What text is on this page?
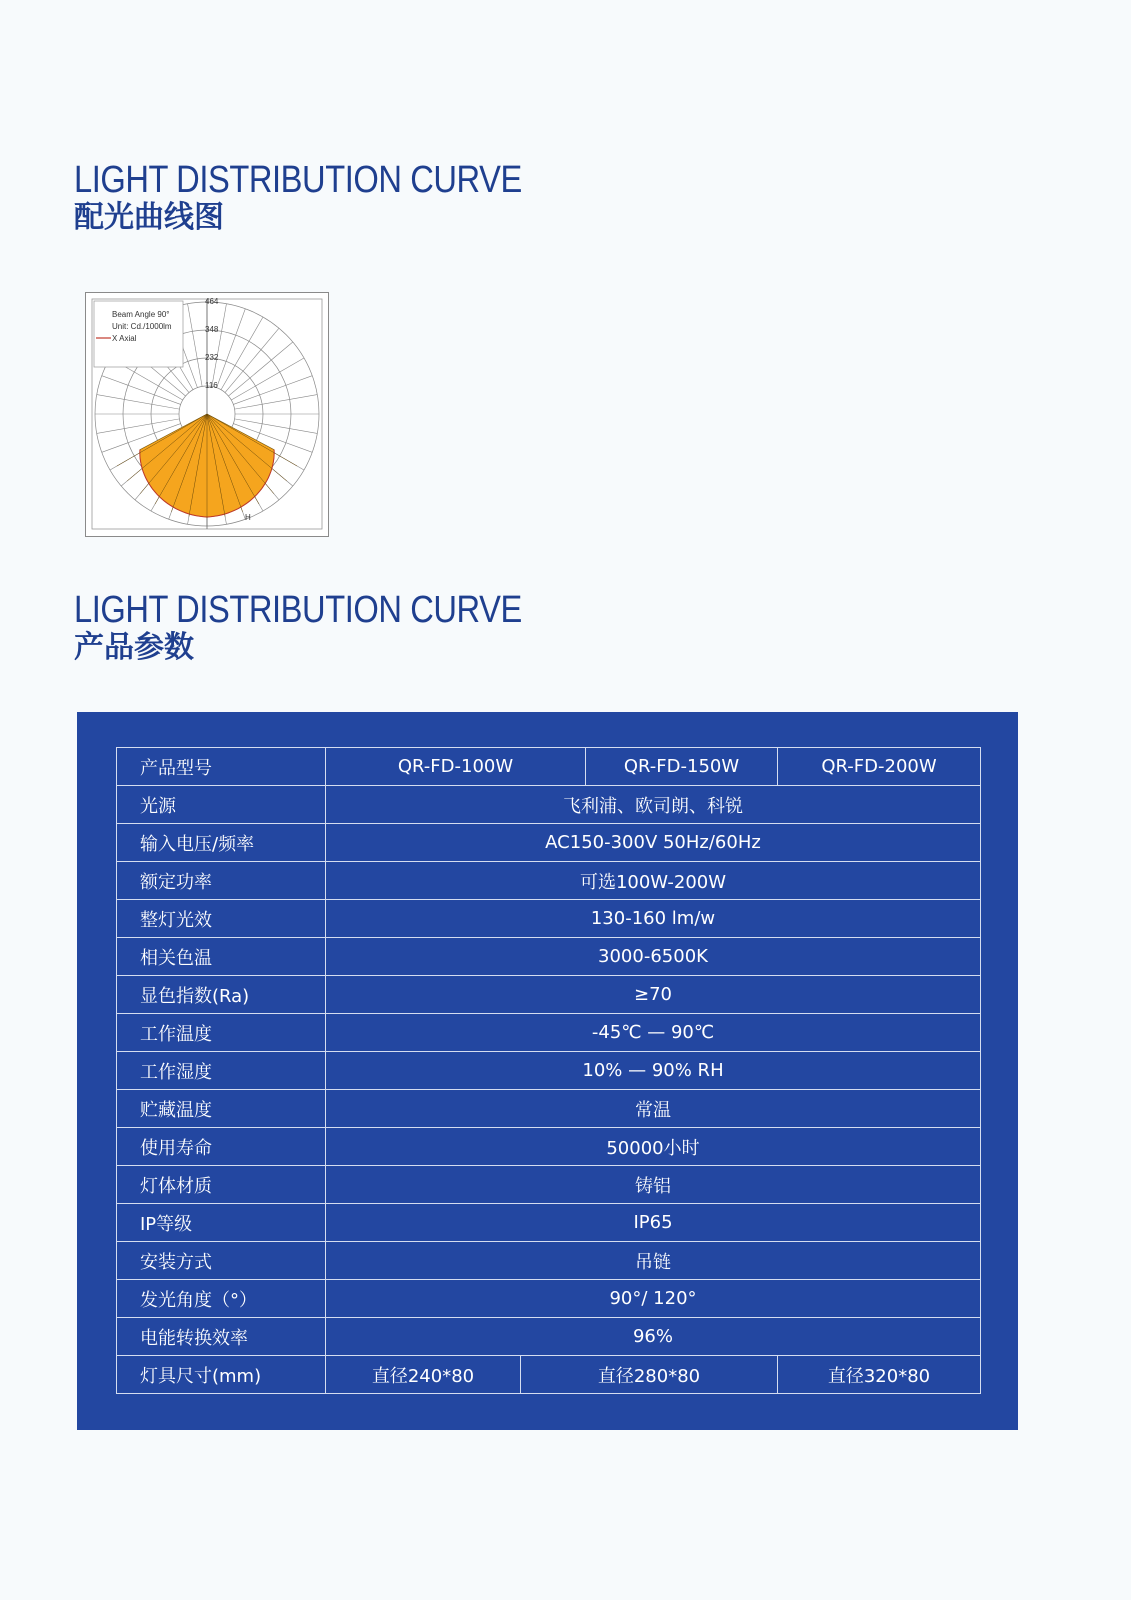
LIGHT DISTRIBUTION CURVE
配光曲线图
Beam Angle 90°
Unit: Cd./1000lm
X Axial
464
348
232
116
H
LIGHT DISTRIBUTION CURVE
产品参数
产品型号	QR-FD-100W		QR-FD-150W	QR-FD-200W
光源	飞利浦、欧司朗、科锐			
输入电压/频率	AC150-300V 50Hz/60Hz			
额定功率	可选100W-200W			
整灯光效	130-160 lm/w			
相关色温	3000-6500K			
显色指数(Ra)	≥70			
工作温度	-45℃ — 90℃			
工作湿度	10% — 90% RH			
贮藏温度	常温			
使用寿命	50000小时			
灯体材质	铸铝			
IP等级	IP65			
安装方式	吊链			
发光角度（°）	90°/ 120°			
电能转换效率	96%			
灯具尺寸(mm)	直径240*80	直径280*80		直径320*80
